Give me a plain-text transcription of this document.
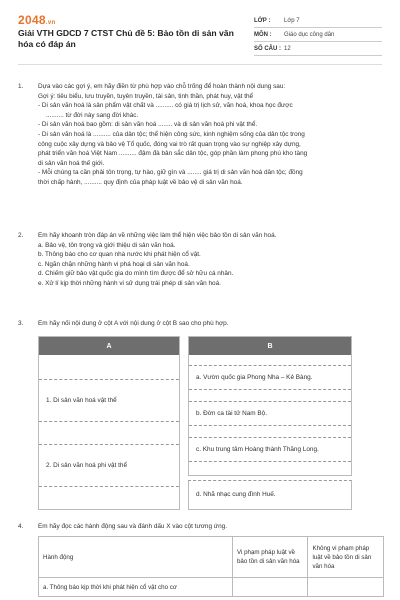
2048.vn
Giải VTH GDCD 7 CTST Chủ đề 5: Bảo tồn di sản văn hóa có đáp án
LỚP :	Lớp 7
MÔN :	Giáo dục công dân
SỐ CÂU : 12
1.	Dựa vào các gợi ý, em hãy điền từ phù hợp vào chỗ trống để hoàn thành nội dung sau:

Gợi ý: tiêu biểu, lưu truyền, tuyên truyền, tài sản, tinh thần, phát huy, vật thể

- Di sản văn hoá là sản phẩm vật chất và .......... có giá trị lịch sử, văn hoá, khoa học được

.......... từ đời này sang đời khác.

- Di sản văn hoá bao gồm: di sản văn hoá ........ và di sản văn hoá phi vật thể.

- Di sản văn hoá là .......... của dân tộc; thể hiện công sức, kinh nghiệm sống của dân tộc trong

công cuộc xây dựng và bảo vệ Tổ quốc, đóng vai trò rất quan trọng vào sự nghiệp xây dựng,

phát triển văn hoá Việt Nam .......... đậm đà bản sắc dân tộc, góp phần làm phong phú kho tàng

di sản văn hoá thế giới.

- Mỗi chúng ta cần phải tôn trọng, tự hào, giữ gìn và ........ giá trị di sản văn hoá dân tộc; đồng

thời chấp hành, .......... quy định của pháp luật về bảo vệ di sản văn hoá.

2.	Em hãy khoanh tròn đáp án về những việc làm thể hiện việc bảo tồn di sản văn hoá.

a. Bảo vệ, tôn trọng và giới thiệu di sản văn hoá.

b. Thông báo cho cơ quan nhà nước khi phát hiện cổ vật.

c. Ngăn chặn những hành vi phá hoại di sản văn hoá.

d. Chiếm giữ bảo vật quốc gia do mình tìm được để sở hữu cá nhân.

e. Xử lí kịp thời những hành vi sử dụng trái phép di sản văn hoá.

3.	Em hãy nối nội dung ở cột A với nội dung ở cột B sao cho phù hợp.

A
1. Di sản văn hoá vật thể
2. Di sản văn hoá phi vật thể
B
a. Vườn quốc gia Phong Nha – Kẻ Bàng.
b. Đờn ca tài tử Nam Bộ.
c. Khu trung tâm Hoàng thành Thăng Long.
d. Nhã nhạc cung đình Huế.
4.	Em hãy đọc các hành động sau và đánh dấu X vào cột tương ứng.

Hành động	Vi phạm pháp luật về bảo tồn di sản văn hóa	Không vi phạm pháp luật về bảo tồn di sản văn hóa
a. Thông báo kịp thời khi phát hiện cổ vật cho cơ		
